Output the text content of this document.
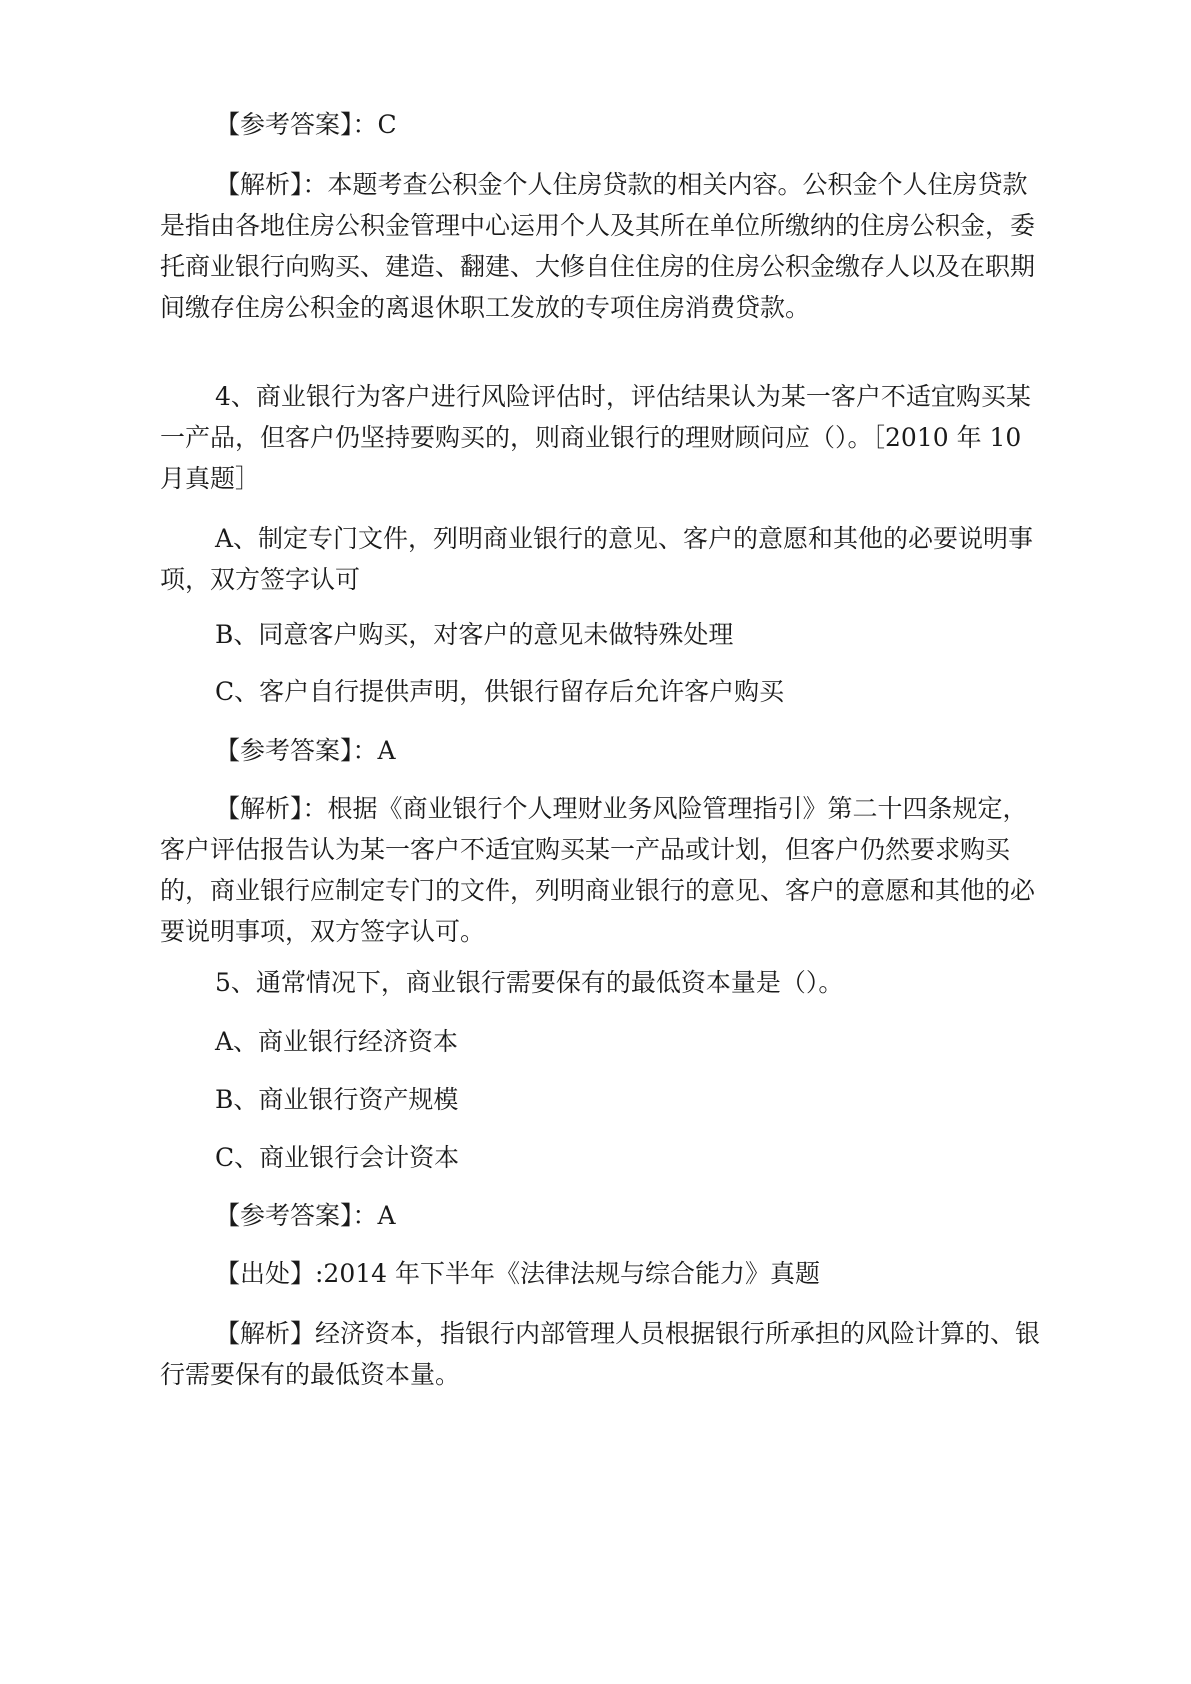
【参考答案】：C

【解析】：本题考查公积金个人住房贷款的相关内容。公积金个人住房贷款是指由各地住房公积金管理中心运用个人及其所在单位所缴纳的住房公积金，委托商业银行向购买、建造、翻建、大修自住住房的住房公积金缴存人以及在职期间缴存住房公积金的离退休职工发放的专项住房消费贷款。

4、商业银行为客户进行风险评估时，评估结果认为某一客户不适宜购买某一产品，但客户仍坚持要购买的，则商业银行的理财顾问应（）。［2010 年 10 月真题］

A、制定专门文件，列明商业银行的意见、客户的意愿和其他的必要说明事项，双方签字认可

B、同意客户购买，对客户的意见未做特殊处理

C、客户自行提供声明，供银行留存后允许客户购买

【参考答案】：A

【解析】：根据《商业银行个人理财业务风险管理指引》第二十四条规定，客户评估报告认为某一客户不适宜购买某一产品或计划，但客户仍然要求购买的，商业银行应制定专门的文件，列明商业银行的意见、客户的意愿和其他的必要说明事项，双方签字认可。

5、通常情况下，商业银行需要保有的最低资本量是（）。

A、商业银行经济资本

B、商业银行资产规模

C、商业银行会计资本

【参考答案】：A

【出处】:2014 年下半年《法律法规与综合能力》真题

【解析】经济资本，指银行内部管理人员根据银行所承担的风险计算的、银行需要保有的最低资本量。
